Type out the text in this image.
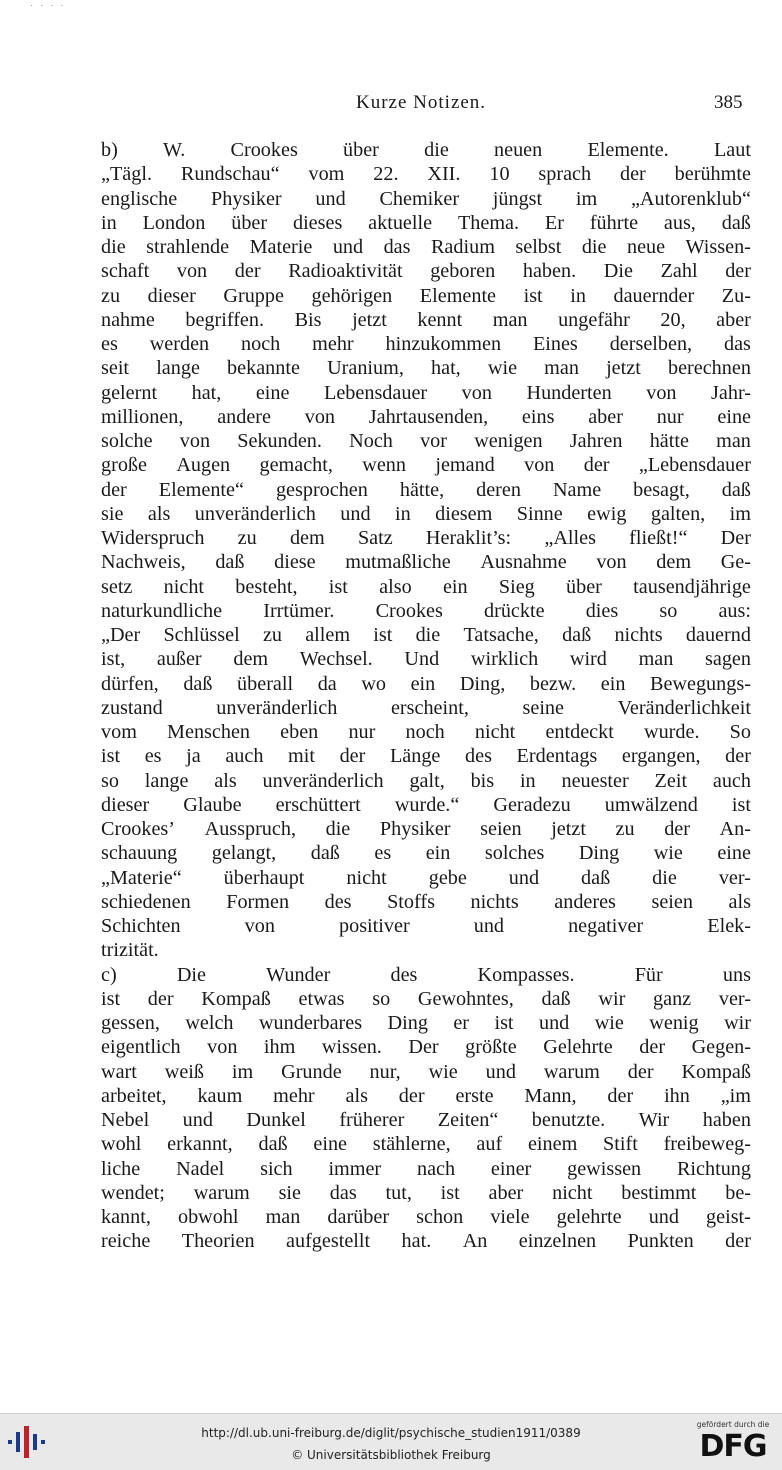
· · · ·
Kurze Notizen.	385
b) W. Crookes über die neuen Elemente. Laut
„Tägl. Rundschau“ vom 22. XII. 10 sprach der berühmte
englische Physiker und Chemiker jüngst im „Autorenklub“
in London über dieses aktuelle Thema. Er führte aus, daß
die strahlende Materie und das Radium selbst die neue Wissen-
schaft von der Radioaktivität geboren haben. Die Zahl der
zu dieser Gruppe gehörigen Elemente ist in dauernder Zu-
nahme begriffen. Bis jetzt kennt man ungefähr 20, aber
es werden noch mehr hinzukommen Eines derselben, das
seit lange bekannte Uranium, hat, wie man jetzt berechnen
gelernt hat, eine Lebensdauer von Hunderten von Jahr-
millionen, andere von Jahrtausenden, eins aber nur eine
solche von Sekunden. Noch vor wenigen Jahren hätte man
große Augen gemacht, wenn jemand von der „Lebensdauer
der Elemente“ gesprochen hätte, deren Name besagt, daß
sie als unveränderlich und in diesem Sinne ewig galten, im
Widerspruch zu dem Satz Heraklit’s: „Alles fließt!“ Der
Nachweis, daß diese mutmaßliche Ausnahme von dem Ge-
setz nicht besteht, ist also ein Sieg über tausendjährige
naturkundliche Irrtümer. Crookes drückte dies so aus:
„Der Schlüssel zu allem ist die Tatsache, daß nichts dauernd
ist, außer dem Wechsel. Und wirklich wird man sagen
dürfen, daß überall da wo ein Ding, bezw. ein Bewegungs-
zustand	unveränderlich	erscheint,	seine	Veränderlichkeit
vom Menschen eben nur noch nicht entdeckt wurde. So
ist es ja auch mit der Länge des Erdentags ergangen, der
so lange als unveränderlich galt, bis in neuester Zeit auch
dieser Glaube erschüttert wurde.“ Geradezu umwälzend ist
Crookes’ Ausspruch, die Physiker seien jetzt zu der An-
schauung gelangt, daß es ein solches Ding wie eine
„Materie“ überhaupt nicht gebe und daß die ver-
schiedenen Formen des Stoffs nichts anderes seien als
Schichten	von	positiver	und	negativer	Elek-
trizität.
c)	Die	Wunder	des	Kompasses.	Für	uns
ist der Kompaß etwas so Gewohntes, daß wir ganz ver-
gessen, welch wunderbares Ding er ist und wie wenig wir
eigentlich von ihm wissen. Der größte Gelehrte der Gegen-
wart weiß im Grunde nur, wie und warum der Kompaß
arbeitet, kaum mehr als der erste Mann, der ihn „im
Nebel und Dunkel früherer Zeiten“ benutzte. Wir haben
wohl erkannt, daß eine stählerne, auf einem Stift freibeweg-
liche Nadel sich immer nach einer gewissen Richtung
wendet; warum sie das tut, ist aber nicht bestimmt be-
kannt, obwohl man darüber schon viele gelehrte und geist-
reiche Theorien aufgestellt hat. An einzelnen Punkten der
http://dl.ub.uni-freiburg.de/diglit/psychische_studien1911/0389
© Universitätsbibliothek Freiburg
gefördert durch die
DFG
